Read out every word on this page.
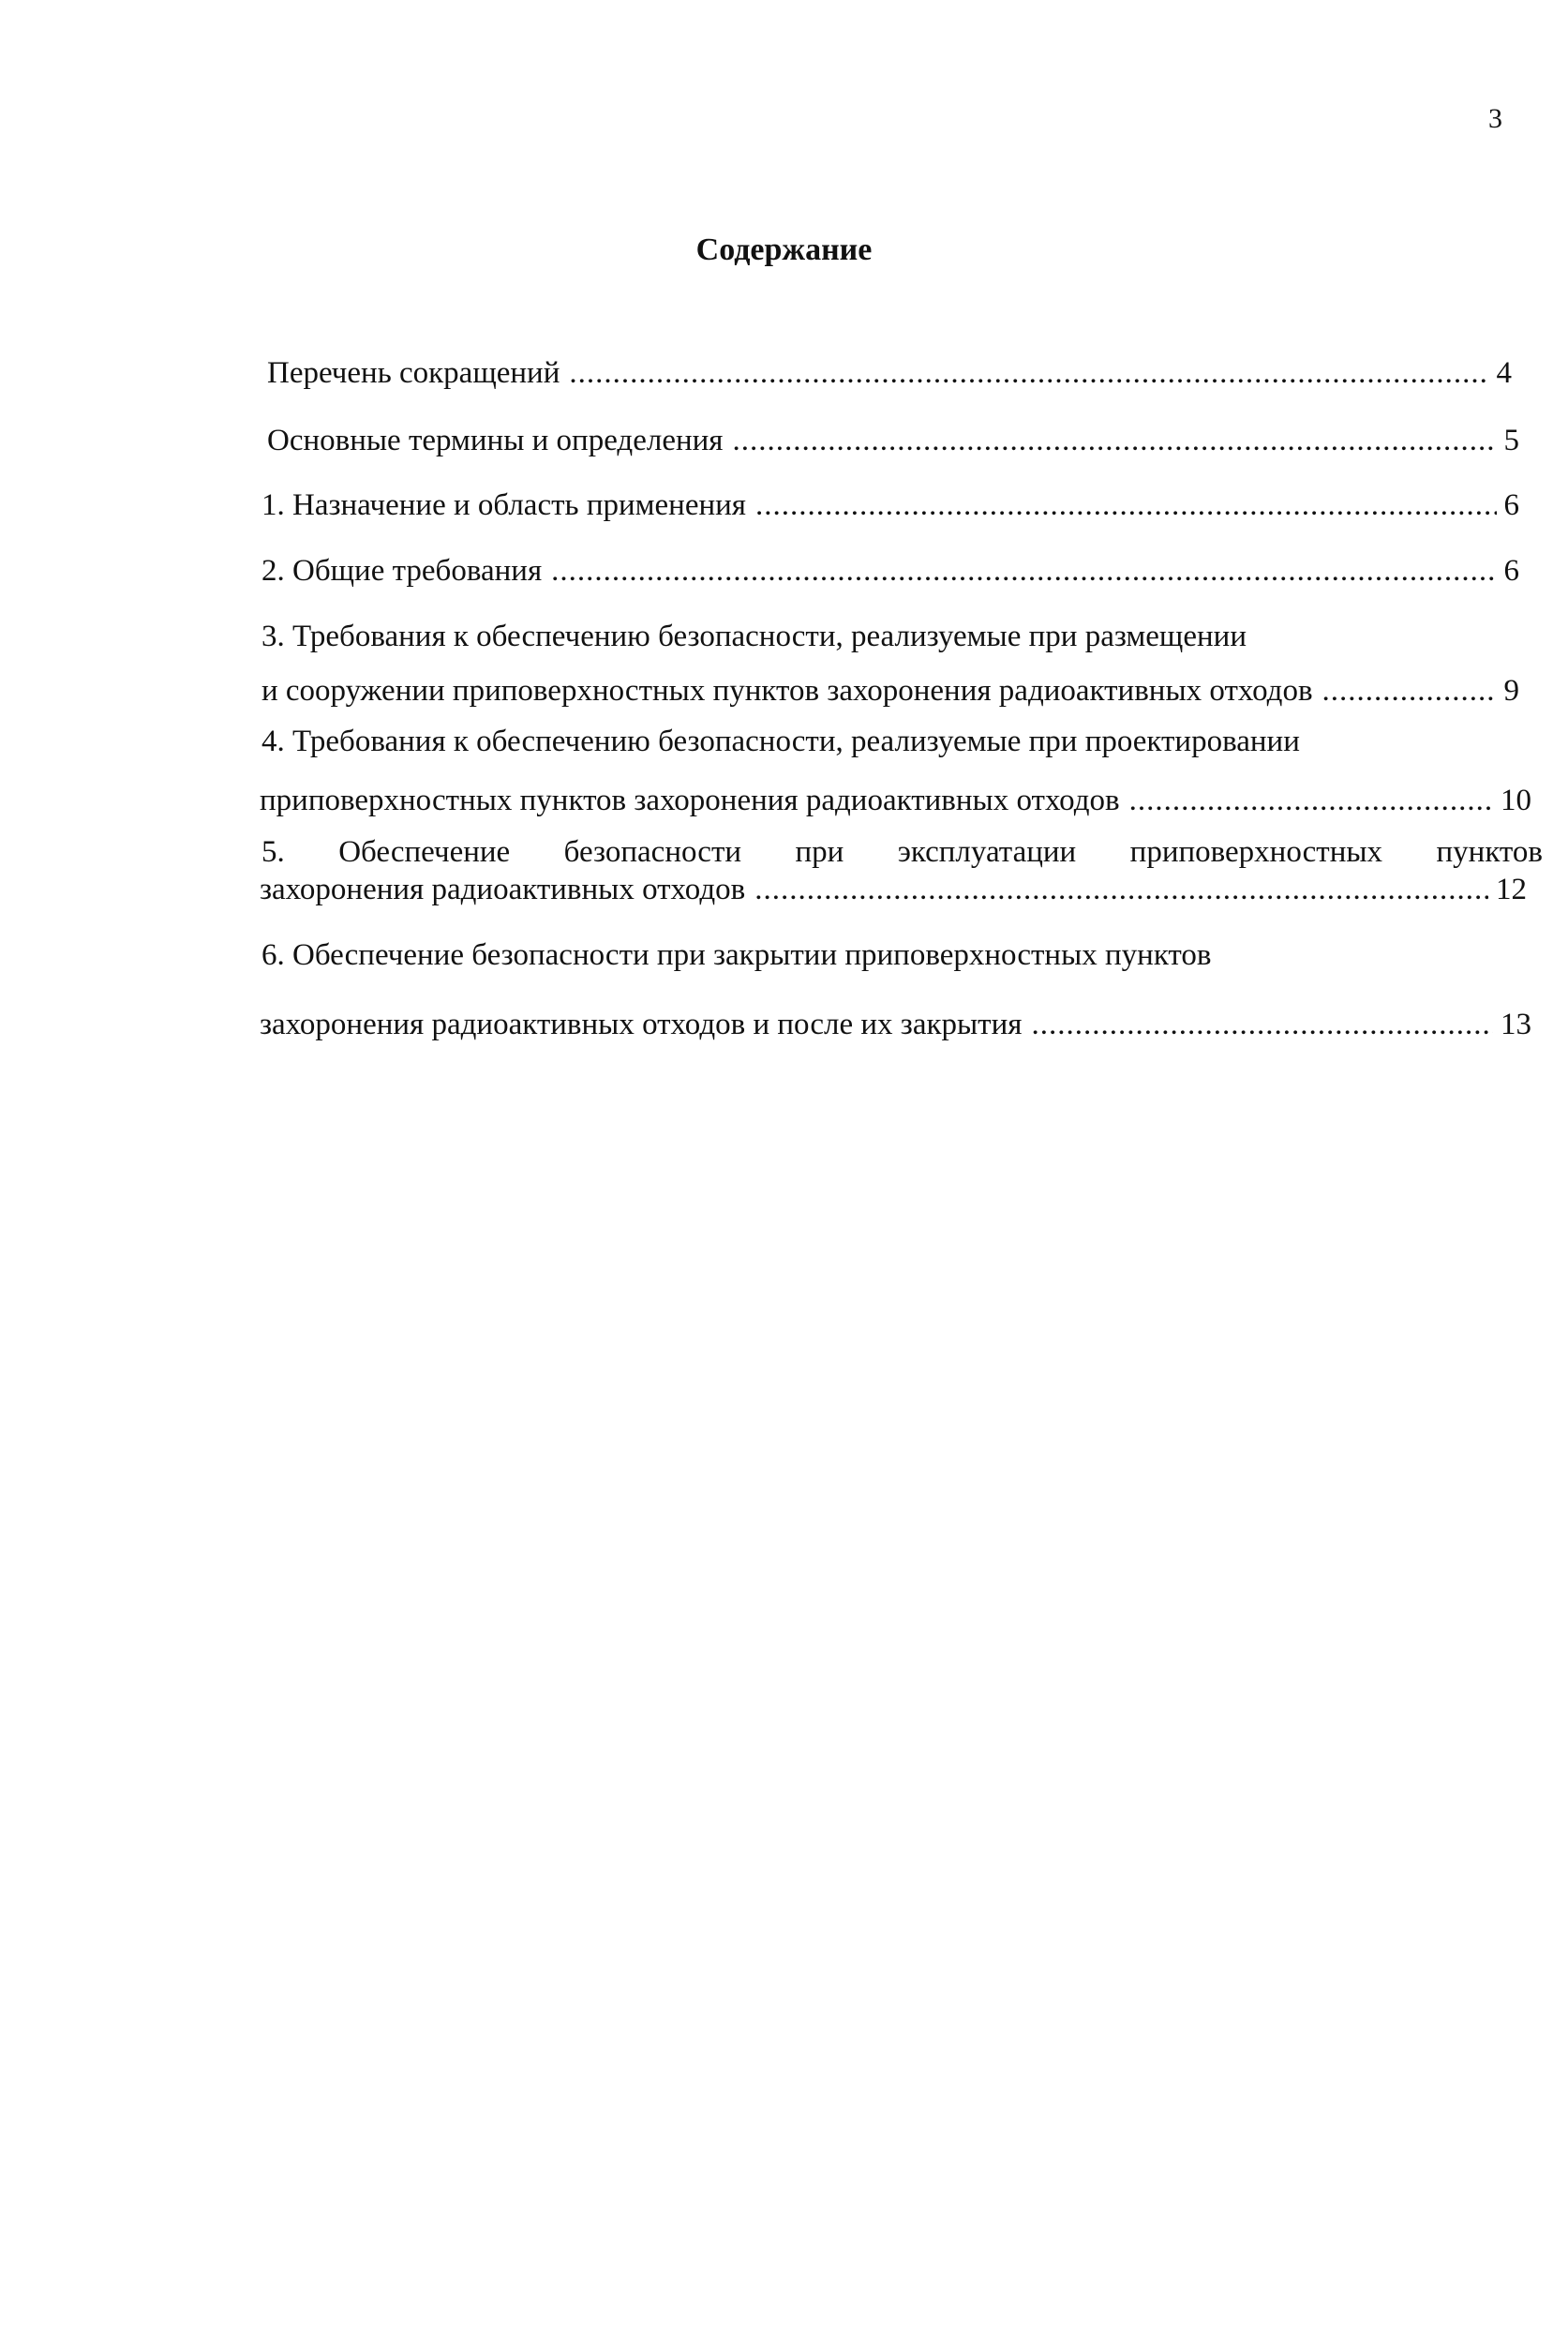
3
Содержание
Перечень сокращений .....	4
Основные термины и определения .....	5
1. Назначение и область применения .....	6
2. Общие требования .....	6
3. Требования к обеспечению безопасности, реализуемые при размещении
и сооружении приповерхностных пунктов захоронения радиоактивных отходов .....	9
4. Требования к обеспечению безопасности, реализуемые при проектировании
приповерхностных пунктов захоронения радиоактивных отходов .....	10
5. Обеспечение безопасности при эксплуатации приповерхностных пунктов
захоронения радиоактивных отходов .....	12
6. Обеспечение безопасности при закрытии приповерхностных пунктов
захоронения радиоактивных отходов и после их закрытия .....	13
